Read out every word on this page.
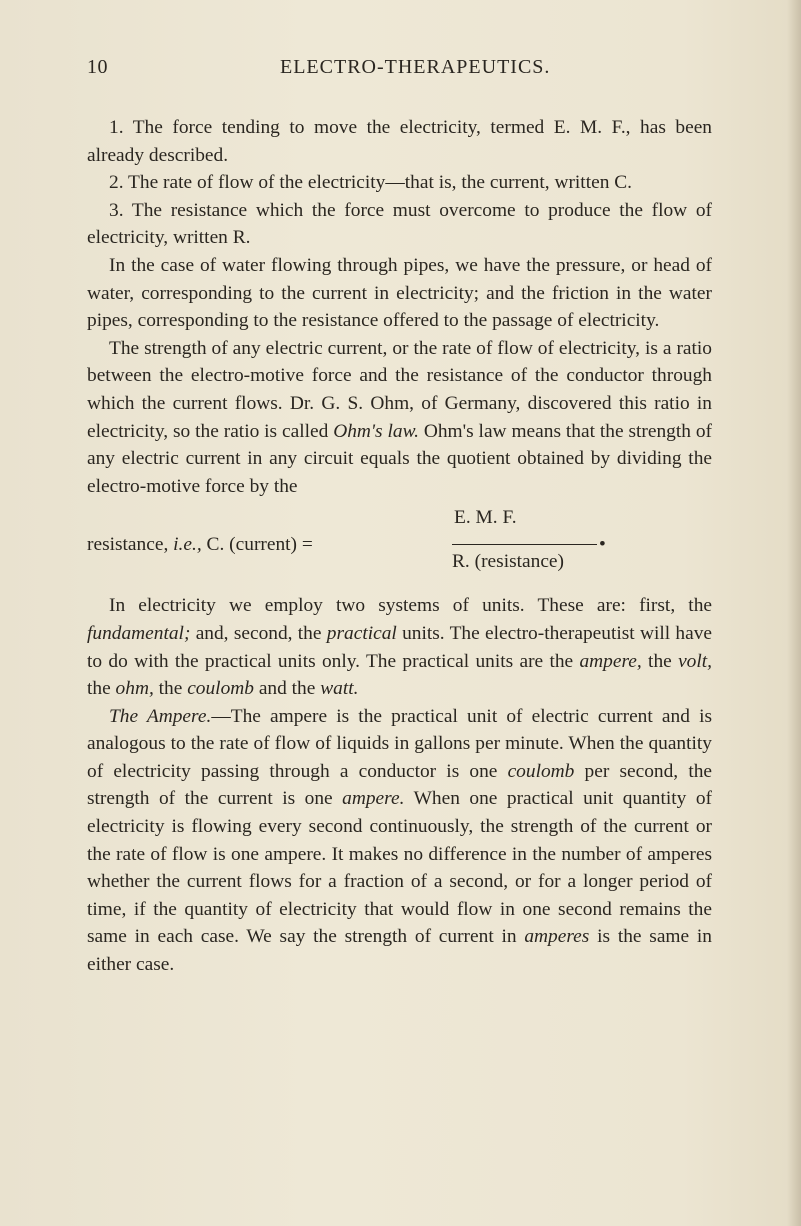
10	ELECTRO-THERAPEUTICS.

1. The force tending to move the electricity, termed E. M. F., has been already described.

2. The rate of flow of the electricity—that is, the current, written C.

3. The resistance which the force must overcome to produce the flow of electricity, written R.

In the case of water flowing through pipes, we have the pressure, or head of water, corresponding to the current in electricity; and the friction in the water pipes, corresponding to the resistance offered to the passage of electricity.

The strength of any electric current, or the rate of flow of electricity, is a ratio between the electro-motive force and the resistance of the conductor through which the current flows. Dr. G. S. Ohm, of Germany, discovered this ratio in electricity, so the ratio is called Ohm's law. Ohm's law means that the strength of any electric current in any circuit equals the quotient obtained by dividing the electro-motive force by the

resistance, i.e., C. (current) =
E. M. F.
R. (resistance)
•

In electricity we employ two systems of units. These are: first, the fundamental; and, second, the practical units. The electro-therapeutist will have to do with the practical units only. The practical units are the ampere, the volt, the ohm, the coulomb and the watt.

The Ampere.—The ampere is the practical unit of electric current and is analogous to the rate of flow of liquids in gallons per minute. When the quantity of electricity passing through a conductor is one coulomb per second, the strength of the current is one ampere. When one practical unit quantity of electricity is flowing every second continuously, the strength of the current or the rate of flow is one ampere. It makes no difference in the number of amperes whether the current flows for a fraction of a second, or for a longer period of time, if the quantity of electricity that would flow in one second remains the same in each case. We say the strength of current in amperes is the same in either case.
